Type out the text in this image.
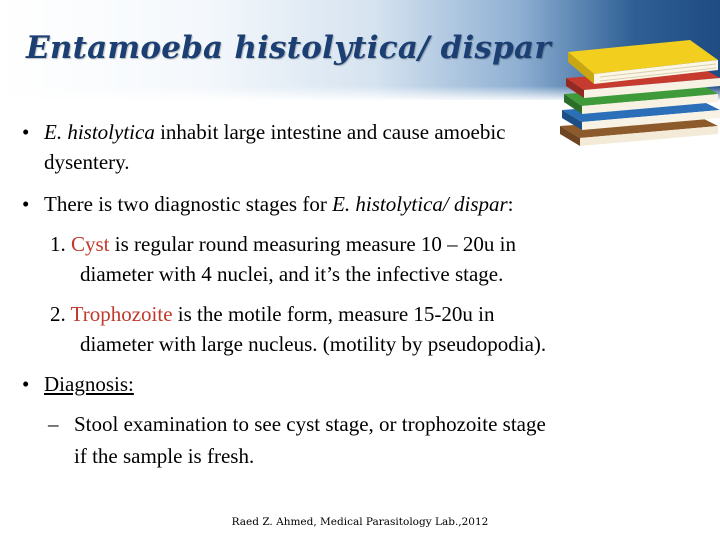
Entamoeba histolytica/ dispar
• E. histolytica inhabit large intestine and cause amoebic
dysentery.
• There is two diagnostic stages for E. histolytica/ dispar:
1. Cyst is regular round measuring measure 10 – 20u in
diameter with 4 nuclei, and it’s the infective stage.
2. Trophozoite is the motile form, measure 15-20u in
diameter with large nucleus. (motility by pseudopodia).
• Diagnosis:
– Stool examination to see cyst stage, or trophozoite stage
if the sample is fresh.
Raed Z. Ahmed, Medical Parasitology Lab.,2012
